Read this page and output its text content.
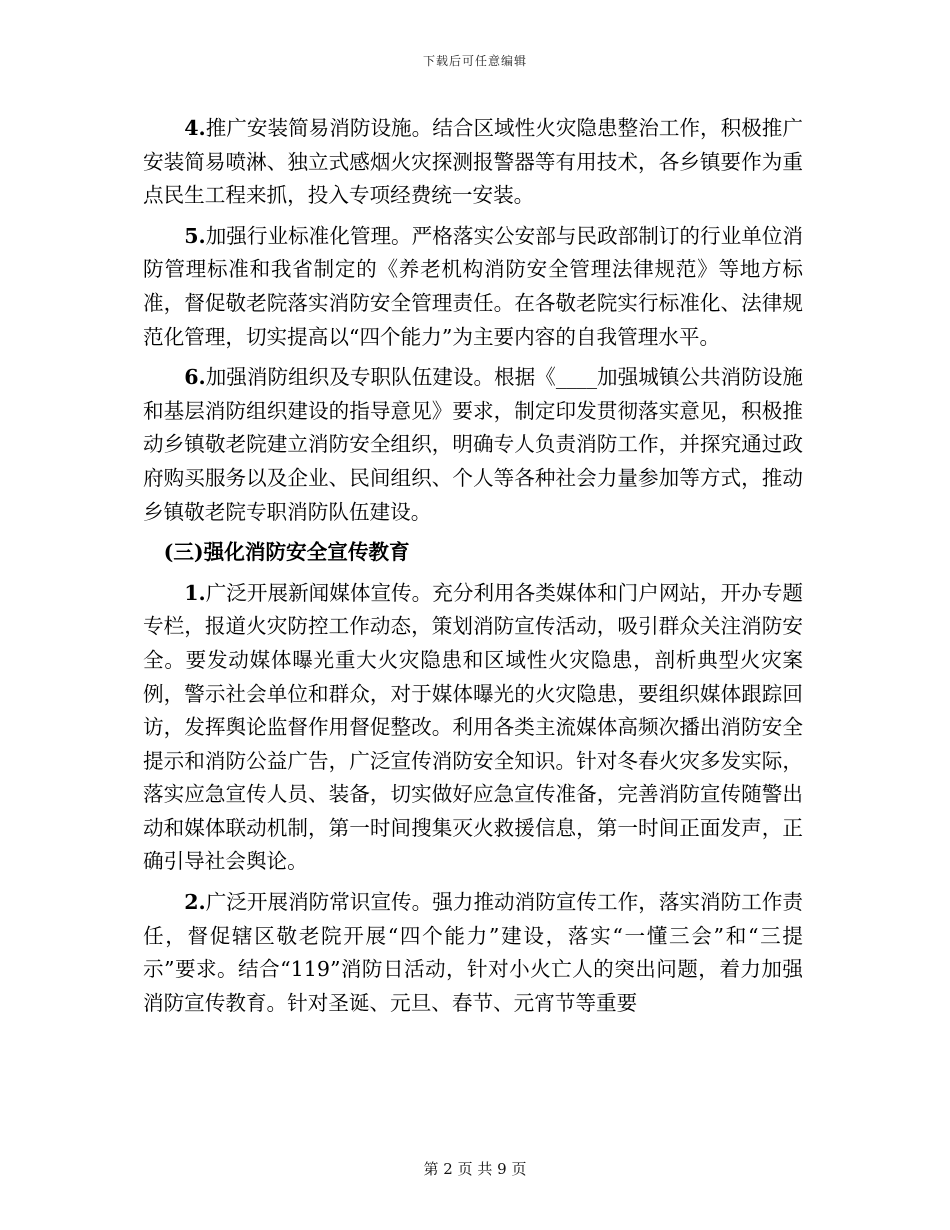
下载后可任意编辑

4.推广安装简易消防设施。结合区域性火灾隐患整治工作，积极推广安装简易喷淋、独立式感烟火灾探测报警器等有用技术，各乡镇要作为重点民生工程来抓，投入专项经费统一安装。

5.加强行业标准化管理。严格落实公安部与民政部制订的行业单位消防管理标准和我省制定的《养老机构消防安全管理法律规范》等地方标准，督促敬老院落实消防安全管理责任。在各敬老院实行标准化、法律规范化管理，切实提高以“四个能力”为主要内容的自我管理水平。

6.加强消防组织及专职队伍建设。根据《____加强城镇公共消防设施和基层消防组织建设的指导意见》要求，制定印发贯彻落实意见，积极推动乡镇敬老院建立消防安全组织，明确专人负责消防工作，并探究通过政府购买服务以及企业、民间组织、个人等各种社会力量参加等方式，推动乡镇敬老院专职消防队伍建设。

(三)强化消防安全宣传教育

1.广泛开展新闻媒体宣传。充分利用各类媒体和门户网站，开办专题专栏，报道火灾防控工作动态，策划消防宣传活动，吸引群众关注消防安全。要发动媒体曝光重大火灾隐患和区域性火灾隐患，剖析典型火灾案例，警示社会单位和群众，对于媒体曝光的火灾隐患，要组织媒体跟踪回访，发挥舆论监督作用督促整改。利用各类主流媒体高频次播出消防安全提示和消防公益广告，广泛宣传消防安全知识。针对冬春火灾多发实际，落实应急宣传人员、装备，切实做好应急宣传准备，完善消防宣传随警出动和媒体联动机制，第一时间搜集灭火救援信息，第一时间正面发声，正确引导社会舆论。

2.广泛开展消防常识宣传。强力推动消防宣传工作，落实消防工作责任，督促辖区敬老院开展“四个能力”建设，落实“一懂三会”和“三提示”要求。结合“119”消防日活动，针对小火亡人的突出问题，着力加强消防宣传教育。针对圣诞、元旦、春节、元宵节等重要

第 2 页 共 9 页
